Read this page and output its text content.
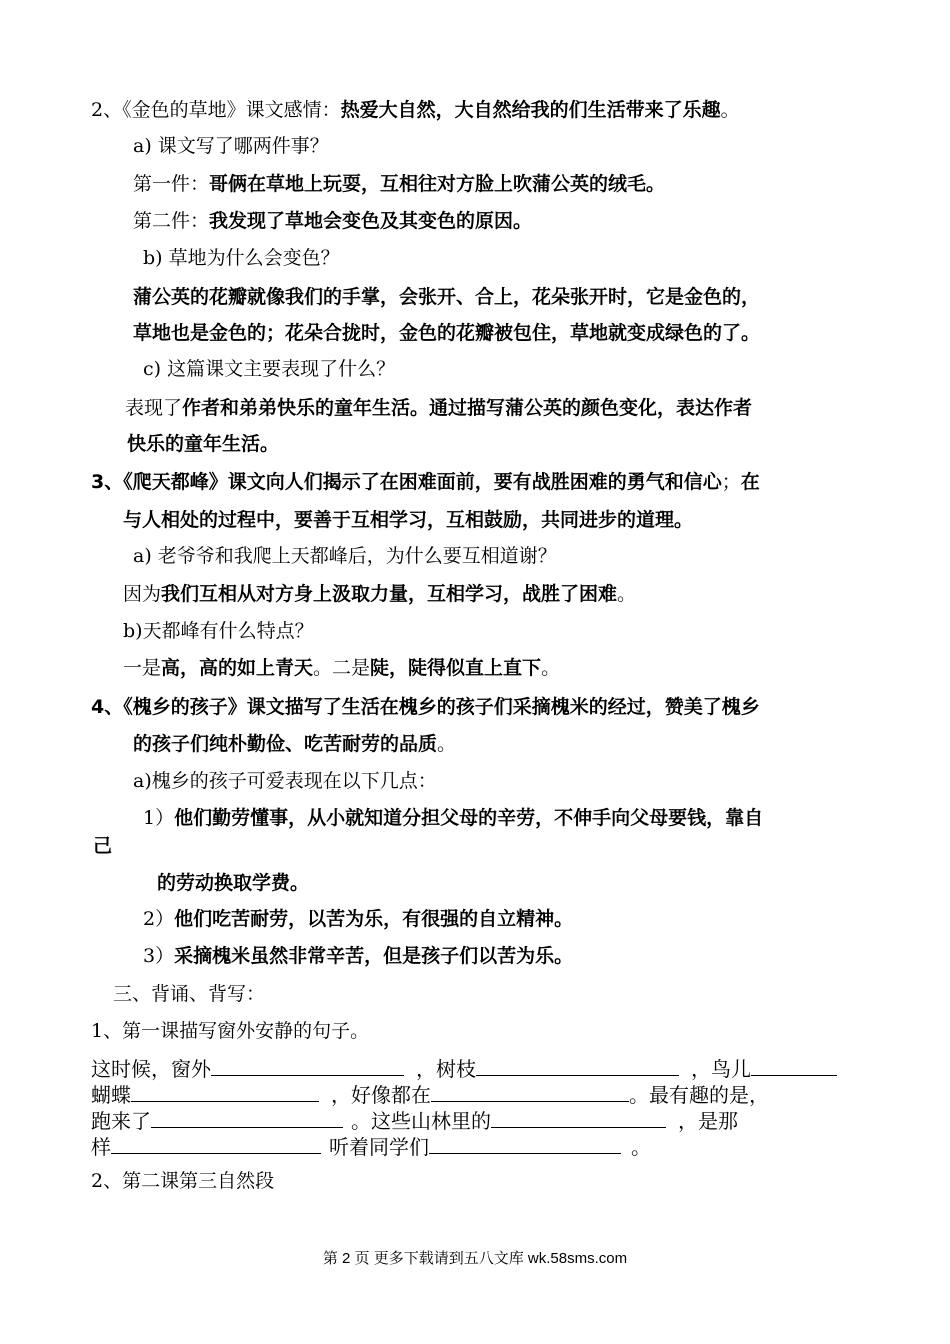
2、《金色的草地》课文感情：热爱大自然，大自然给我的们生活带来了乐趣。
a) 课文写了哪两件事？
第一件：哥俩在草地上玩耍，互相往对方脸上吹蒲公英的绒毛。
第二件：我发现了草地会变色及其变色的原因。
b) 草地为什么会变色？
蒲公英的花瓣就像我们的手掌，会张开、合上，花朵张开时，它是金色的，
草地也是金色的；花朵合拢时，金色的花瓣被包住，草地就变成绿色的了。
c) 这篇课文主要表现了什么？
表现了作者和弟弟快乐的童年生活。通过描写蒲公英的颜色变化，表达作者
快乐的童年生活。
3、《爬天都峰》课文向人们揭示了在困难面前，要有战胜困难的勇气和信心；在
与人相处的过程中，要善于互相学习，互相鼓励，共同进步的道理。
a) 老爷爷和我爬上天都峰后，为什么要互相道谢？
因为我们互相从对方身上汲取力量，互相学习，战胜了困难。
b)天都峰有什么特点？
一是高，高的如上青天。二是陡，陡得似直上直下。
4、《槐乡的孩子》课文描写了生活在槐乡的孩子们采摘槐米的经过，赞美了槐乡
的孩子们纯朴勤俭、吃苦耐劳的品质。
a)槐乡的孩子可爱表现在以下几点：
1）他们勤劳懂事，从小就知道分担父母的辛劳，不伸手向父母要钱，靠自
己
的劳动换取学费。
2）他们吃苦耐劳，以苦为乐，有很强的自立精神。
3）采摘槐米虽然非常辛苦，但是孩子们以苦为乐。
三、背诵、背写：
1、第一课描写窗外安静的句子。
这时候，窗外	，树枝	，鸟儿
蝴蝶	，好像都在	。最有趣的是，
跑来了	。这些山林里的	，是那
样	听着同学们	。
2、第二课第三自然段
第 2 页 更多下载请到五八文库 wk.58sms.com
